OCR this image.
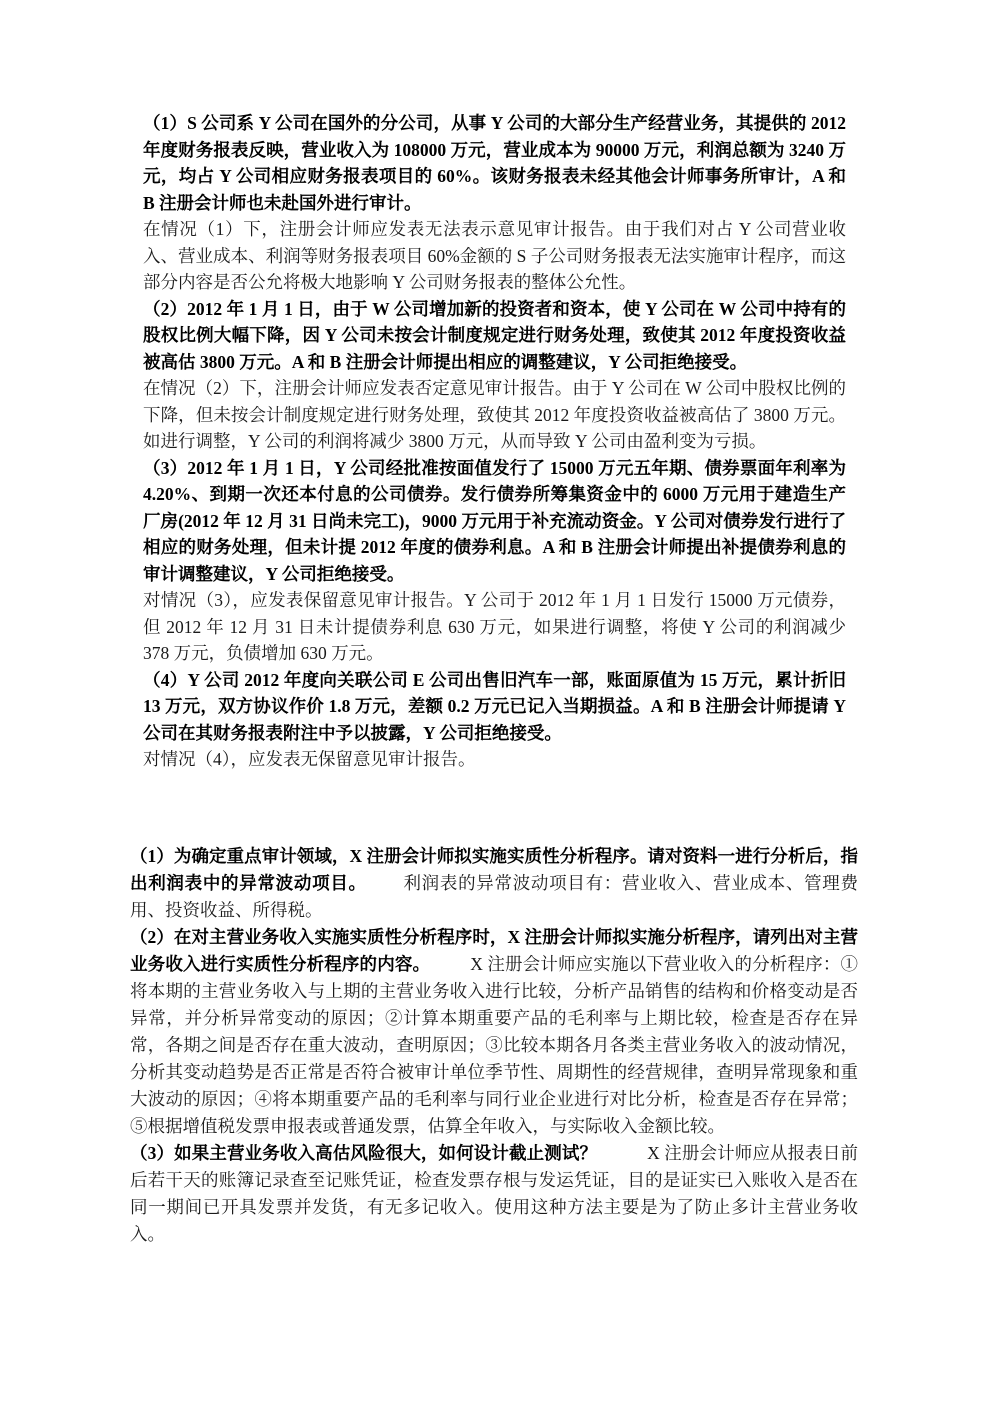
（1）S 公司系 Y 公司在国外的分公司，从事 Y 公司的大部分生产经营业务，其提供的 2012 年度财务报表反映，营业收入为 108000 万元，营业成本为 90000 万元，利润总额为 3240 万元，均占 Y 公司相应财务报表项目的 60%。该财务报表未经其他会计师事务所审计，A 和 B 注册会计师也未赴国外进行审计。

在情况（1）下，注册会计师应发表无法表示意见审计报告。由于我们对占 Y 公司营业收入、营业成本、利润等财务报表项目 60%金额的 S 子公司财务报表无法实施审计程序，而这部分内容是否公允将极大地影响 Y 公司财务报表的整体公允性。

（2）2012 年 1 月 1 日，由于 W 公司增加新的投资者和资本，使 Y 公司在 W 公司中持有的股权比例大幅下降，因 Y 公司未按会计制度规定进行财务处理，致使其 2012 年度投资收益被高估 3800 万元。A 和 B 注册会计师提出相应的调整建议，Y 公司拒绝接受。

在情况（2）下，注册会计师应发表否定意见审计报告。由于 Y 公司在 W 公司中股权比例的下降，但未按会计制度规定进行财务处理，致使其 2012 年度投资收益被高估了 3800 万元。如进行调整，Y 公司的利润将减少 3800 万元，从而导致 Y 公司由盈利变为亏损。

（3）2012 年 1 月 1 日，Y 公司经批准按面值发行了 15000 万元五年期、债券票面年利率为 4.20%、到期一次还本付息的公司债券。发行债券所筹集资金中的 6000 万元用于建造生产厂房(2012 年 12 月 31 日尚未完工)，9000 万元用于补充流动资金。Y 公司对债券发行进行了相应的财务处理，但未计提 2012 年度的债券利息。A 和 B 注册会计师提出补提债券利息的审计调整建议，Y 公司拒绝接受。

对情况（3），应发表保留意见审计报告。Y 公司于 2012 年 1 月 1 日发行 15000 万元债券，但 2012 年 12 月 31 日未计提债券利息 630 万元，如果进行调整，将使 Y 公司的利润减少 378 万元，负债增加 630 万元。

（4）Y 公司 2012 年度向关联公司 E 公司出售旧汽车一部，账面原值为 15 万元，累计折旧 13 万元，双方协议作价 1.8 万元，差额 0.2 万元已记入当期损益。A 和 B 注册会计师提请 Y 公司在其财务报表附注中予以披露，Y 公司拒绝接受。

对情况（4），应发表无保留意见审计报告。

（1）为确定重点审计领域，X 注册会计师拟实施实质性分析程序。请对资料一进行分析后，指出利润表中的异常波动项目。 利润表的异常波动项目有：营业收入、营业成本、管理费用、投资收益、所得税。

（2）在对主营业务收入实施实质性分析程序时，X 注册会计师拟实施分析程序，请列出对主营业务收入进行实质性分析程序的内容。 X 注册会计师应实施以下营业收入的分析程序：①将本期的主营业务收入与上期的主营业务收入进行比较，分析产品销售的结构和价格变动是否异常，并分析异常变动的原因；②计算本期重要产品的毛利率与上期比较，检查是否存在异常，各期之间是否存在重大波动，查明原因；③比较本期各月各类主营业务收入的波动情况，分析其变动趋势是否正常是否符合被审计单位季节性、周期性的经营规律，查明异常现象和重大波动的原因；④将本期重要产品的毛利率与同行业企业进行对比分析，检查是否存在异常；⑤根据增值税发票申报表或普通发票，估算全年收入，与实际收入金额比较。

（3）如果主营业务收入高估风险很大，如何设计截止测试？	X 注册会计师应从报表日前后若干天的账簿记录查至记账凭证，检查发票存根与发运凭证，目的是证实已入账收入是否在同一期间已开具发票并发货，有无多记收入。使用这种方法主要是为了防止多计主营业务收入。
